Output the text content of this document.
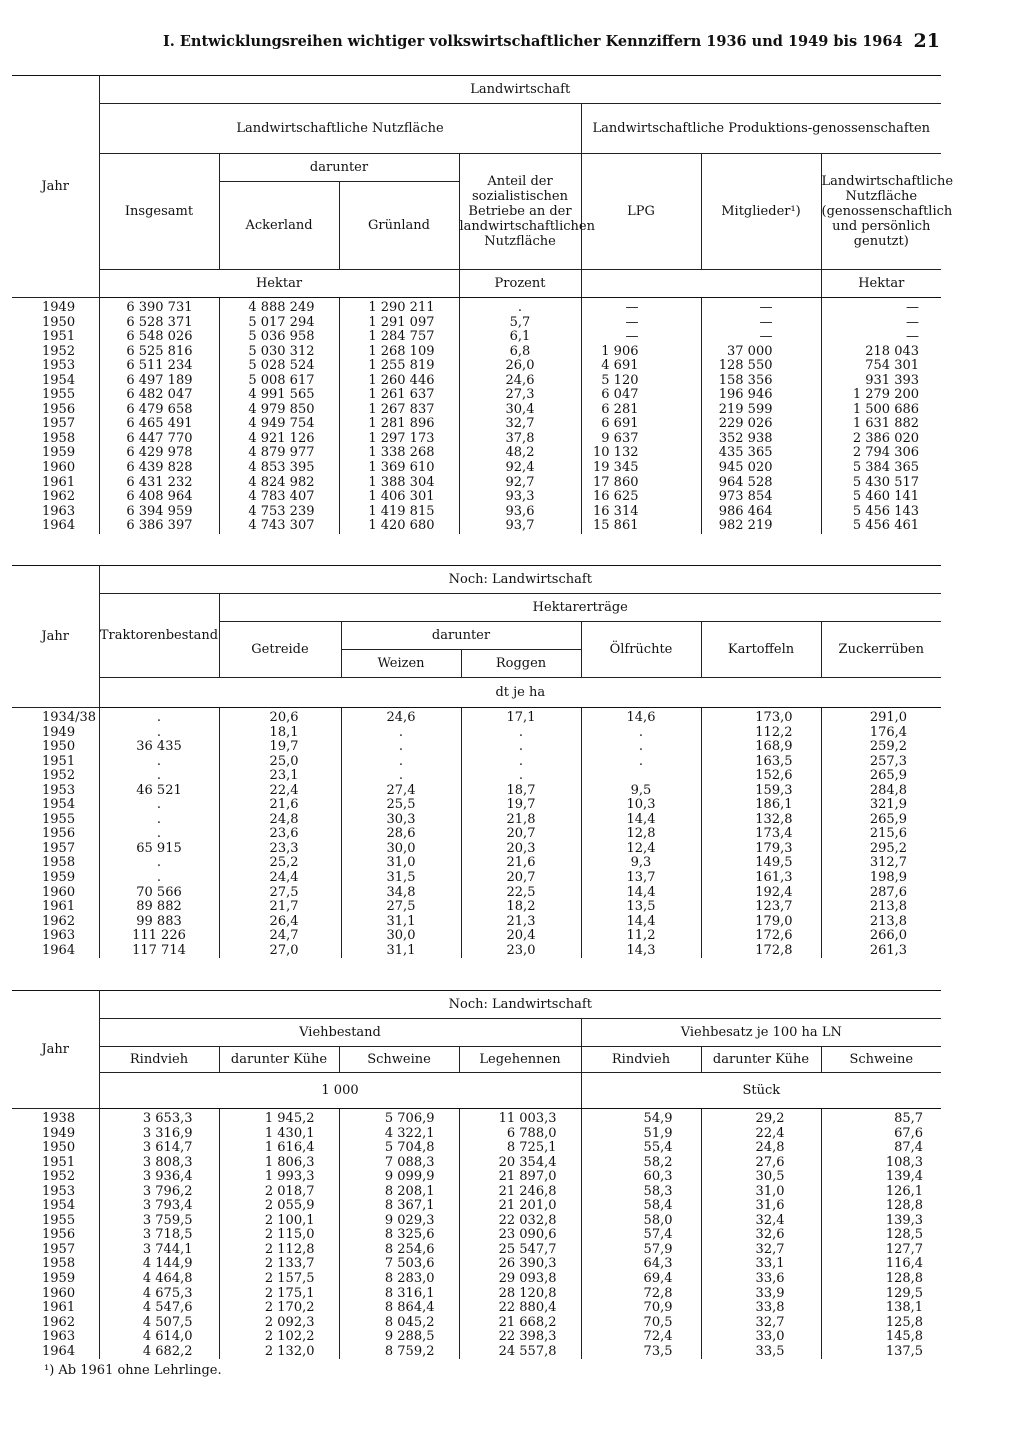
I. Entwicklungsreihen wichtiger volkswirtschaftlicher Kennziffern 1936 und 1949 bis 1964 21
Jahr	Landwirtschaft						
	Landwirtschaftliche Nutzfläche				Landwirtschaftliche Produktions-genossenschaften		
	Insgesamt	darunter		Anteil der sozialistischen Betriebe an der landwirtschaftlichen Nutzfläche	LPG	Mitglieder¹)	Landwirtschaftliche Nutzfläche (genossenschaftlich und persönlich genutzt)
		Ackerland	Grünland				
	Hektar			Prozent			Hektar
1949	6 390 731	4 888 249	1 290 211	.	—	—	—
1950	6 528 371	5 017 294	1 291 097	5,7	—	—	—
1951	6 548 026	5 036 958	1 284 757	6,1	—	—	—
1952	6 525 816	5 030 312	1 268 109	6,8	1 906	37 000	218 043
1953	6 511 234	5 028 524	1 255 819	26,0	4 691	128 550	754 301
1954	6 497 189	5 008 617	1 260 446	24,6	5 120	158 356	931 393
1955	6 482 047	4 991 565	1 261 637	27,3	6 047	196 946	1 279 200
1956	6 479 658	4 979 850	1 267 837	30,4	6 281	219 599	1 500 686
1957	6 465 491	4 949 754	1 281 896	32,7	6 691	229 026	1 631 882
1958	6 447 770	4 921 126	1 297 173	37,8	9 637	352 938	2 386 020
1959	6 429 978	4 879 977	1 338 268	48,2	10 132	435 365	2 794 306
1960	6 439 828	4 853 395	1 369 610	92,4	19 345	945 020	5 384 365
1961	6 431 232	4 824 982	1 388 304	92,7	17 860	964 528	5 430 517
1962	6 408 964	4 783 407	1 406 301	93,3	16 625	973 854	5 460 141
1963	6 394 959	4 753 239	1 419 815	93,6	16 314	986 464	5 456 143
1964	6 386 397	4 743 307	1 420 680	93,7	15 861	982 219	5 456 461
Jahr	Noch: Landwirtschaft						
	Traktorenbestand	Hektarerträge					
		Getreide	darunter		Ölfrüchte	Kartoffeln	Zuckerrüben
			Weizen	Roggen			
	dt je ha						
1934/38	.	20,6	24,6	17,1	14,6	173,0	291,0
1949	.	18,1	.	.	.	112,2	176,4
1950	36 435	19,7	.	.	.	168,9	259,2
1951	.	25,0	.	.	.	163,5	257,3
1952	.	23,1	.	.		152,6	265,9
1953	46 521	22,4	27,4	18,7	9,5	159,3	284,8
1954	.	21,6	25,5	19,7	10,3	186,1	321,9
1955	.	24,8	30,3	21,8	14,4	132,8	265,9
1956	.	23,6	28,6	20,7	12,8	173,4	215,6
1957	65 915	23,3	30,0	20,3	12,4	179,3	295,2
1958	.	25,2	31,0	21,6	9,3	149,5	312,7
1959	.	24,4	31,5	20,7	13,7	161,3	198,9
1960	70 566	27,5	34,8	22,5	14,4	192,4	287,6
1961	89 882	21,7	27,5	18,2	13,5	123,7	213,8
1962	99 883	26,4	31,1	21,3	14,4	179,0	213,8
1963	111 226	24,7	30,0	20,4	11,2	172,6	266,0
1964	117 714	27,0	31,1	23,0	14,3	172,8	261,3
Jahr	Noch: Landwirtschaft						
	Viehbestand				Viehbesatz je 100 ha LN		
	Rindvieh	darunter Kühe	Schweine	Legehennen	Rindvieh	darunter Kühe	Schweine
	1 000				Stück		
1938	3 653,3	1 945,2	5 706,9	11 003,3	54,9	29,2	85,7
1949	3 316,9	1 430,1	4 322,1	6 788,0	51,9	22,4	67,6
1950	3 614,7	1 616,4	5 704,8	8 725,1	55,4	24,8	87,4
1951	3 808,3	1 806,3	7 088,3	20 354,4	58,2	27,6	108,3
1952	3 936,4	1 993,3	9 099,9	21 897,0	60,3	30,5	139,4
1953	3 796,2	2 018,7	8 208,1	21 246,8	58,3	31,0	126,1
1954	3 793,4	2 055,9	8 367,1	21 201,0	58,4	31,6	128,8
1955	3 759,5	2 100,1	9 029,3	22 032,8	58,0	32,4	139,3
1956	3 718,5	2 115,0	8 325,6	23 090,6	57,4	32,6	128,5
1957	3 744,1	2 112,8	8 254,6	25 547,7	57,9	32,7	127,7
1958	4 144,9	2 133,7	7 503,6	26 390,3	64,3	33,1	116,4
1959	4 464,8	2 157,5	8 283,0	29 093,8	69,4	33,6	128,8
1960	4 675,3	2 175,1	8 316,1	28 120,8	72,8	33,9	129,5
1961	4 547,6	2 170,2	8 864,4	22 880,4	70,9	33,8	138,1
1962	4 507,5	2 092,3	8 045,2	21 668,2	70,5	32,7	125,8
1963	4 614,0	2 102,2	9 288,5	22 398,3	72,4	33,0	145,8
1964	4 682,2	2 132,0	8 759,2	24 557,8	73,5	33,5	137,5
¹) Ab 1961 ohne Lehrlinge.
